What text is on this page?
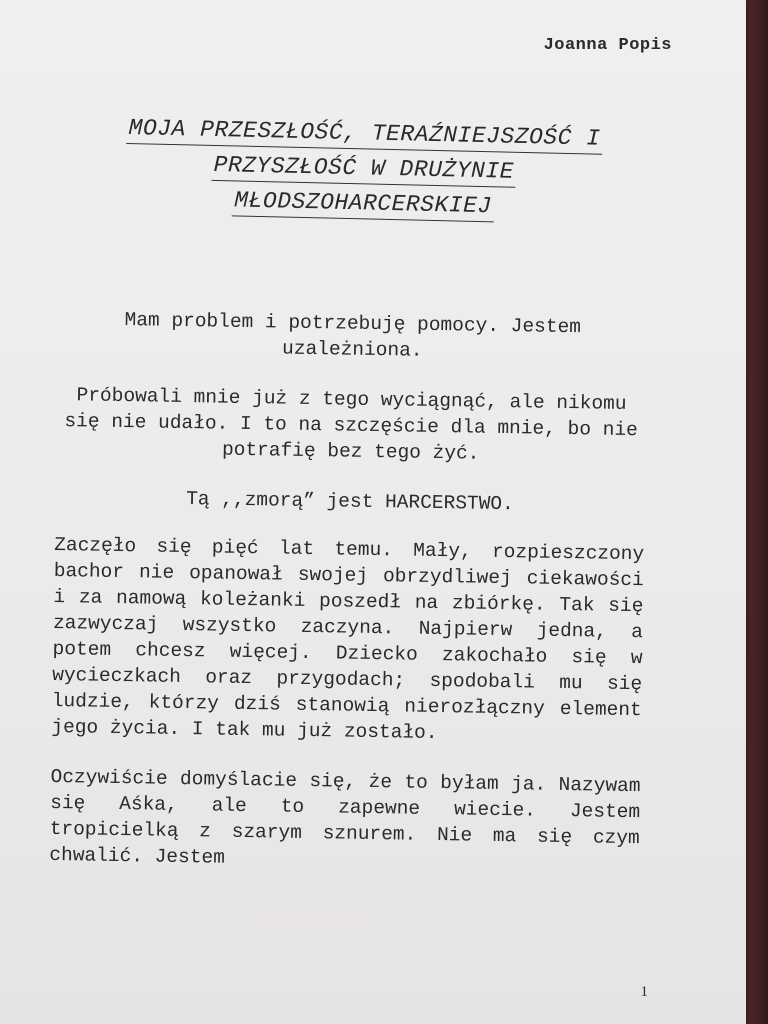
Joanna Popis
MOJA PRZESZŁOŚĆ, TERAŹNIEJSZOŚĆ I
PRZYSZŁOŚĆ W DRUŻYNIE
MŁODSZOHARCERSKIEJ

Mam problem i potrzebuję pomocy. Jestem uzależniona.

Próbowali mnie już z tego wyciągnąć, ale nikomu się nie udało. I to na szczęście dla mnie, bo nie potrafię bez tego żyć.

Tą ,,zmorą” jest HARCERSTWO.

Zaczęło się pięć lat temu. Mały, rozpieszczony bachor nie opanował swojej obrzydliwej ciekawości i za namową koleżanki poszedł na zbiórkę. Tak się zazwyczaj wszystko zaczyna. Najpierw jedna, a potem chcesz więcej. Dziecko zakochało się w wycieczkach oraz przygodach; spodobali mu się ludzie, którzy dziś stanowią nierozłączny element jego życia. I tak mu już zostało.

Oczywiście domyślacie się, że to byłam ja. Nazywam się Aśka, ale to zapewne wiecie. Jestem tropicielką z szarym sznurem. Nie ma się czym chwalić. Jestem

1
